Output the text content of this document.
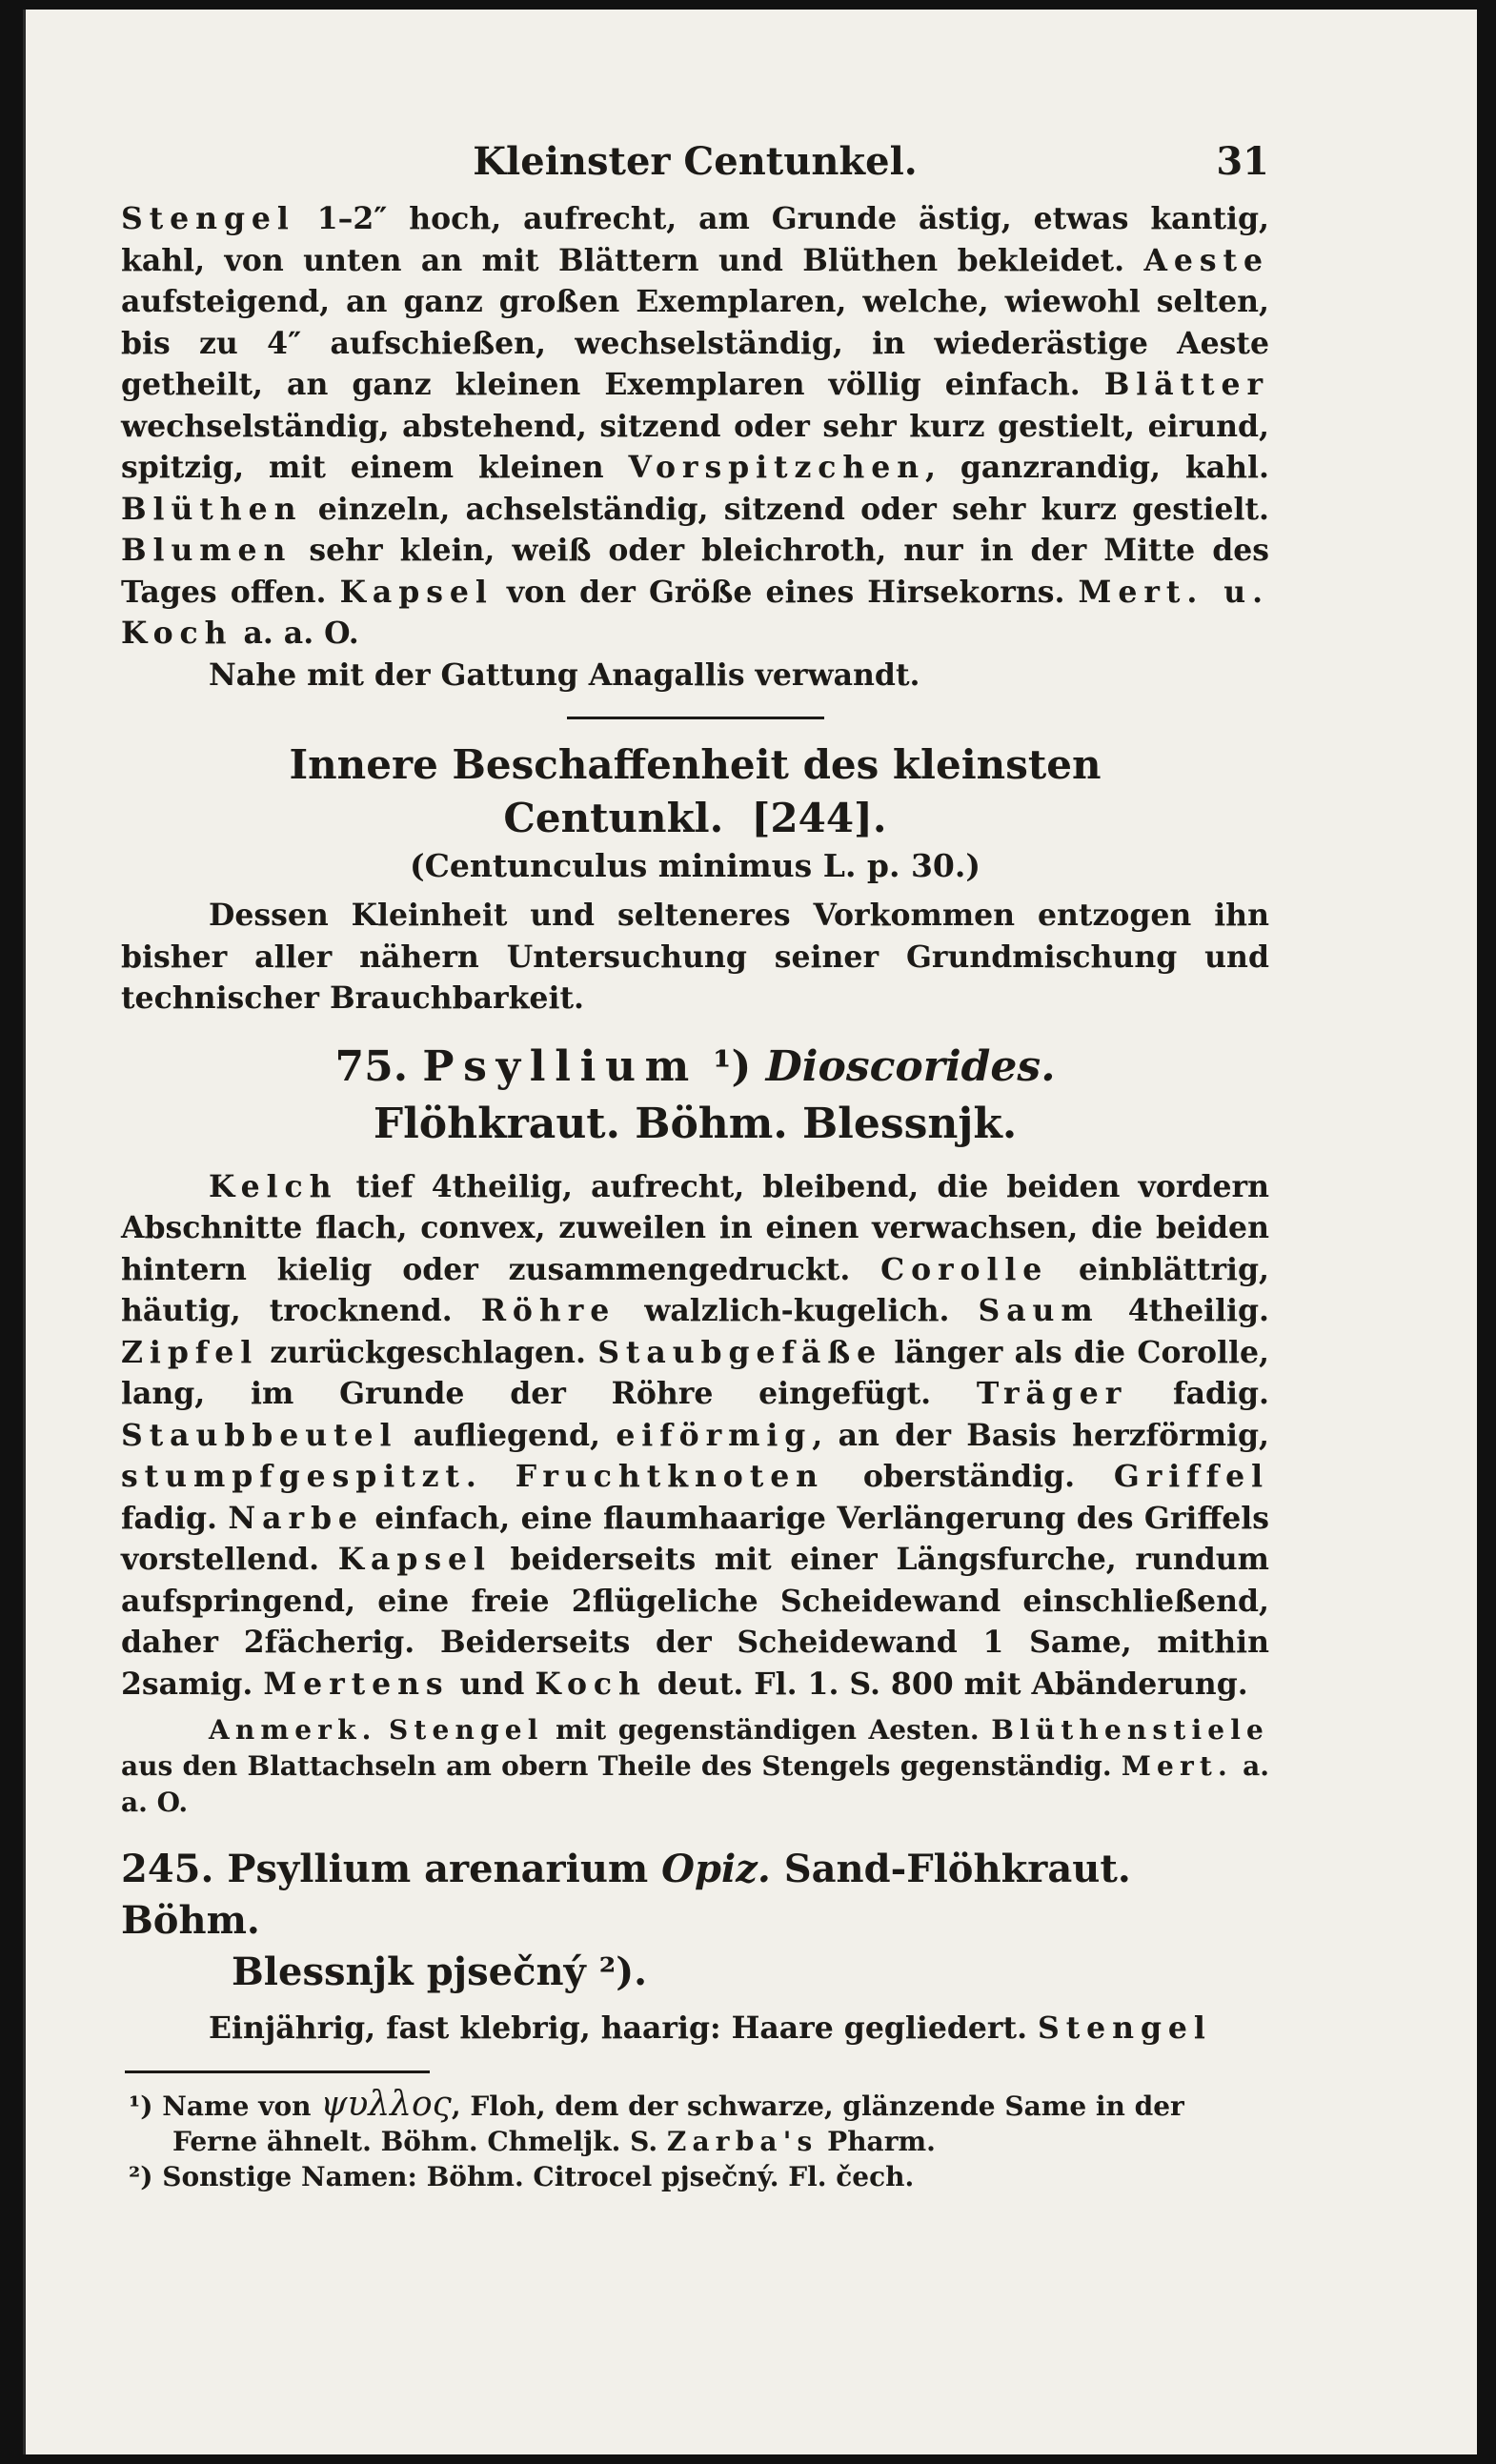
Kleinster Centunkel.	31

Stengel 1–2″ hoch, aufrecht, am Grunde ästig, etwas kantig, kahl, von unten an mit Blättern und Blüthen bekleidet. Aeste aufsteigend, an ganz großen Exemplaren, welche, wiewohl selten, bis zu 4″ aufschießen, wechselständig, in wiederästige Aeste getheilt, an ganz kleinen Exemplaren völlig einfach. Blätter wechselständig, abstehend, sitzend oder sehr kurz gestielt, eirund, spitzig, mit einem kleinen Vorspitzchen, ganzrandig, kahl. Blüthen einzeln, achselständig, sitzend oder sehr kurz gestielt. Blumen sehr klein, weiß oder bleichroth, nur in der Mitte des Tages offen. Kapsel von der Größe eines Hirsekorns. Mert. u. Koch a. a. O.

Nahe mit der Gattung Anagallis verwandt.

Innere Beschaffenheit des kleinsten Centunkl. [244].
(Centunculus minimus L. p. 30.)

Dessen Kleinheit und selteneres Vorkommen entzogen ihn bisher aller nähern Untersuchung seiner Grundmischung und technischer Brauchbarkeit.

75. Psyllium ¹) Dioscorides.
Flöhkraut. Böhm. Blessnjk.

Kelch tief 4theilig, aufrecht, bleibend, die beiden vordern Abschnitte flach, convex, zuweilen in einen verwachsen, die beiden hintern kielig oder zusammengedruckt. Corolle einblättrig, häutig, trocknend. Röhre walzlich-kugelich. Saum 4theilig. Zipfel zurückgeschlagen. Staubgefäße länger als die Corolle, lang, im Grunde der Röhre eingefügt. Träger fadig. Staubbeutel aufliegend, eiförmig, an der Basis herzförmig, stumpfgespitzt. Fruchtknoten oberständig. Griffel fadig. Narbe einfach, eine flaumhaarige Verlängerung des Griffels vorstellend. Kapsel beiderseits mit einer Längsfurche, rundum aufspringend, eine freie 2flügeliche Scheidewand einschließend, daher 2fächerig. Beiderseits der Scheidewand 1 Same, mithin 2samig. Mertens und Koch deut. Fl. 1. S. 800 mit Abänderung.

Anmerk. Stengel mit gegenständigen Aesten. Blüthenstiele aus den Blattachseln am obern Theile des Stengels gegenständig. Mert. a. a. O.

245. Psyllium arenarium Opiz. Sand-Flöhkraut. Böhm.
Blessnjk pjsečný ²).

Einjährig, fast klebrig, haarig: Haare gegliedert. Stengel

¹) Name von ψυλλος, Floh, dem der schwarze, glänzende Same in der Ferne ähnelt. Böhm. Chmeljk. S. Zarba's Pharm.

²) Sonstige Namen: Böhm. Citrocel pjsečný. Fl. čech.
